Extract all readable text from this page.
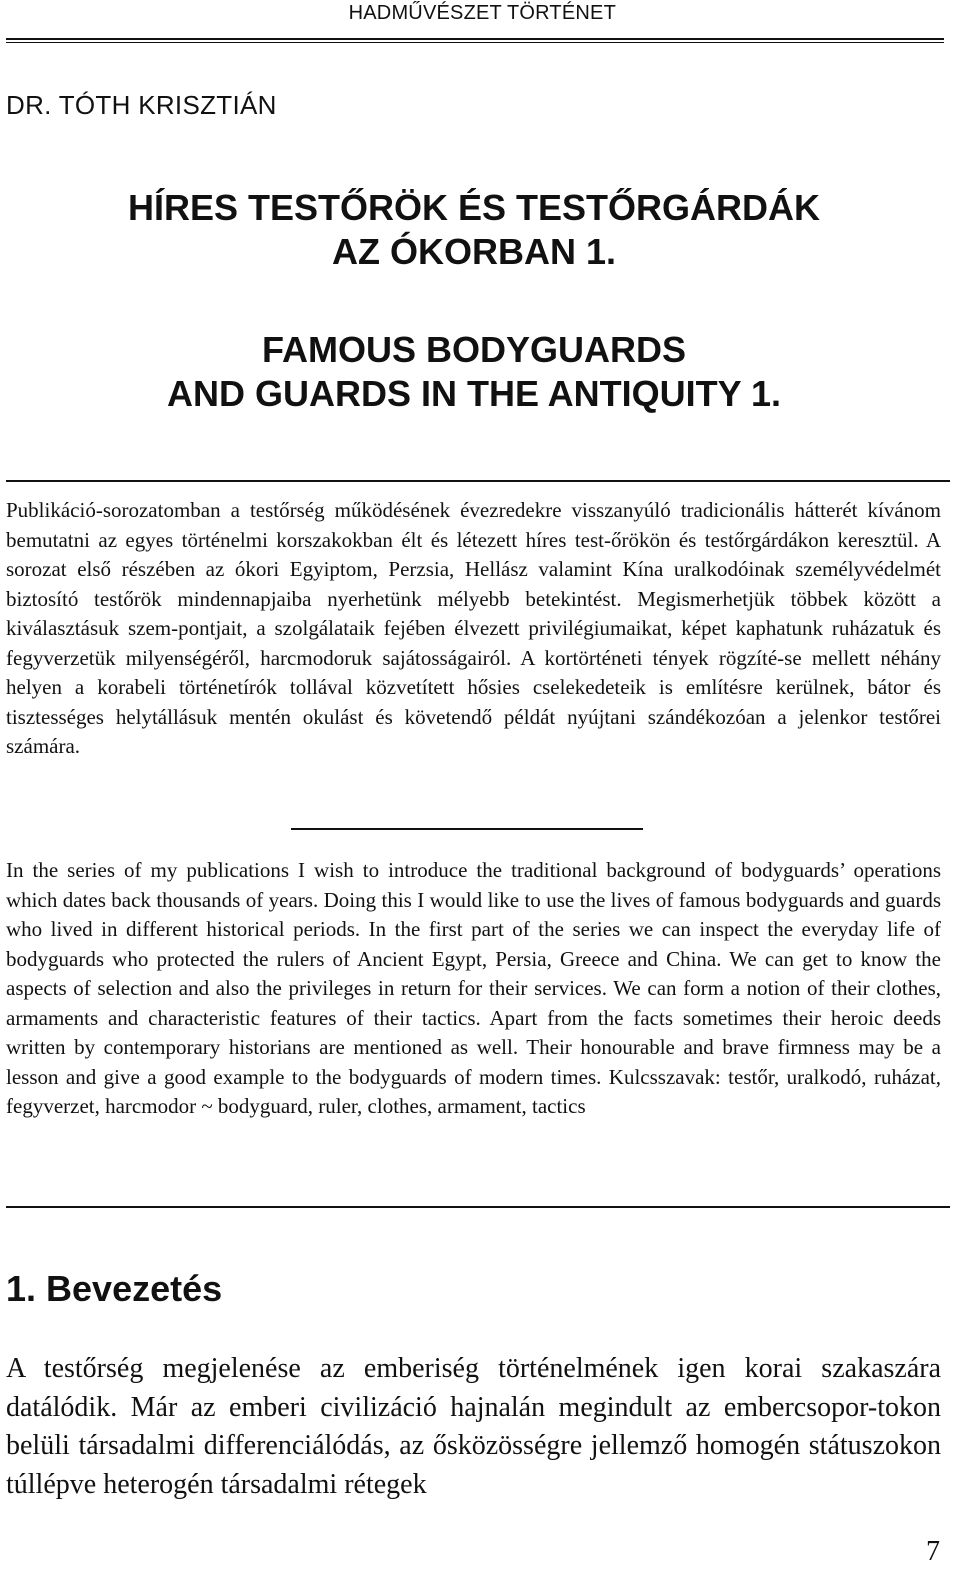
HADMŰVÉSZET TÖRTÉNET
DR. TÓTH KRISZTIÁN
HÍRES TESTŐRÖK ÉS TESTŐRGÁRDÁK
AZ ÓKORBAN 1.
FAMOUS BODYGUARDS
AND GUARDS IN THE ANTIQUITY 1.

Publikáció-sorozatomban a testőrség működésének évezredekre visszanyúló tradicionális hátterét kívánom bemutatni az egyes történelmi korszakokban élt és létezett híres test-őrökön és testőrgárdákon keresztül. A sorozat első részében az ókori Egyiptom, Perzsia, Hellász valamint Kína uralkodóinak személyvédelmét biztosító testőrök mindennapjaiba nyerhetünk mélyebb betekintést. Megismerhetjük többek között a kiválasztásuk szem-pontjait, a szolgálataik fejében élvezett privilégiumaikat, képet kaphatunk ruházatuk és fegyverzetük milyenségéről, harcmodoruk sajátosságairól. A kortörténeti tények rögzíté-se mellett néhány helyen a korabeli történetírók tollával közvetített hősies cselekedeteik is említésre kerülnek, bátor és tisztességes helytállásuk mentén okulást és követendő példát nyújtani szándékozóan a jelenkor testőrei számára.

In the series of my publications I wish to introduce the traditional background of bodyguards’ operations which dates back thousands of years. Doing this I would like to use the lives of famous bodyguards and guards who lived in different historical periods. In the first part of the series we can inspect the everyday life of bodyguards who protected the rulers of Ancient Egypt, Persia, Greece and China. We can get to know the aspects of selection and also the privileges in return for their services. We can form a notion of their clothes, armaments and characteristic features of their tactics. Apart from the facts sometimes their heroic deeds written by contemporary historians are mentioned as well. Their honourable and brave firmness may be a lesson and give a good example to the bodyguards of modern times. Kulcsszavak: testőr, uralkodó, ruházat, fegyverzet, harcmodor ~ bodyguard, ruler, clothes, armament, tactics

1. Bevezetés

A testőrség megjelenése az emberiség történelmének igen korai szakaszára datálódik. Már az emberi civilizáció hajnalán megindult az embercsopor-tokon belüli társadalmi differenciálódás, az ősközösségre jellemző homogén státuszokon túllépve heterogén társadalmi rétegek

7
